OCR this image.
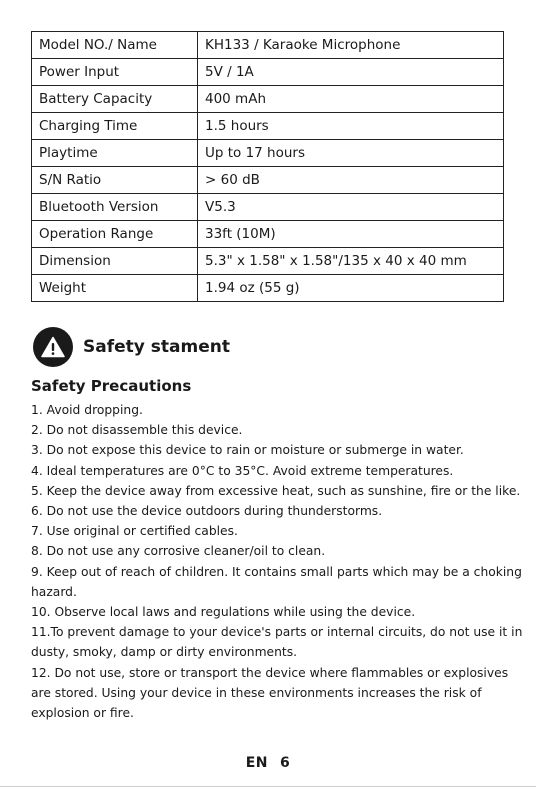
Model NO./ Name	KH133 / Karaoke Microphone
Power Input	5V / 1A
Battery Capacity	400 mAh
Charging Time	1.5 hours
Playtime	Up to 17 hours
S/N Ratio	> 60 dB
Bluetooth Version	V5.3
Operation Range	33ft (10M)
Dimension	5.3" x 1.58" x 1.58"/135 x 40 x 40 mm
Weight	1.94 oz (55 g)
Safety stament
Safety Precautions
1. Avoid dropping.
2. Do not disassemble this device.
3. Do not expose this device to rain or moisture or submerge in water.
4. Ideal temperatures are 0°C to 35°C. Avoid extreme temperatures.
5. Keep the device away from excessive heat, such as sunshine, fire or the like.
6. Do not use the device outdoors during thunderstorms.
7. Use original or certified cables.
8. Do not use any corrosive cleaner/oil to clean.
9. Keep out of reach of children. It contains small parts which may be a choking
hazard.
10. Observe local laws and regulations while using the device.
11.To prevent damage to your device's parts or internal circuits, do not use it in
dusty, smoky, damp or dirty environments.
12. Do not use, store or transport the device where flammables or explosives
are stored. Using your device in these environments increases the risk of
explosion or fire.
EN 6
